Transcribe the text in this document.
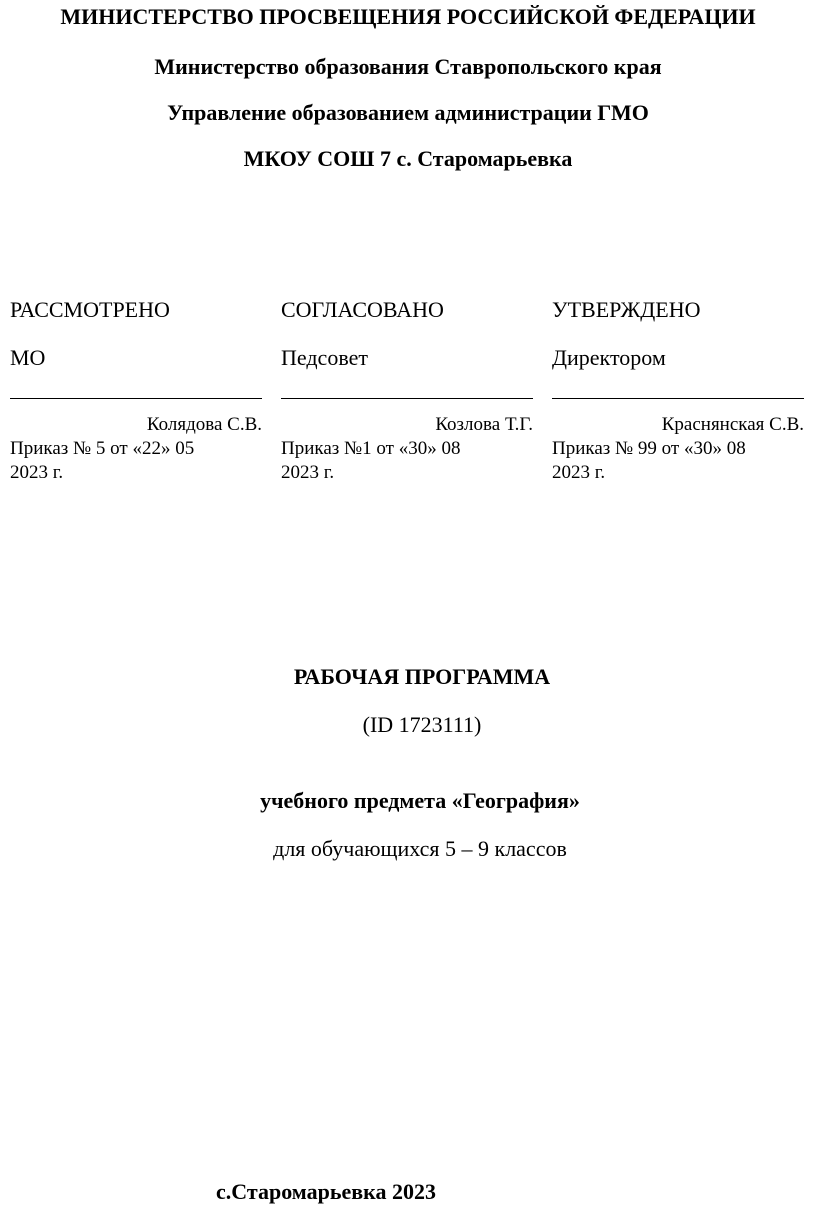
МИНИСТЕРСТВО ПРОСВЕЩЕНИЯ РОССИЙСКОЙ ФЕДЕРАЦИИ
Министерство образования Ставропольского края
Управление образованием администрации ГМО
МКОУ СОШ 7 с. Старомарьевка
РАССМОТРЕНО
МО
Колядова С.В.
Приказ № 5 от «22» 05
2023 г.
СОГЛАСОВАНО
Педсовет
Козлова Т.Г.
Приказ №1 от «30» 08
2023 г.
УТВЕРЖДЕНО
Директором
Краснянская С.В.
Приказ № 99 от «30» 08
2023 г.
РАБОЧАЯ ПРОГРАММА
(ID 1723111)
учебного предмета «География»
для обучающихся 5 – 9 классов
с.Старомарьевка 2023
